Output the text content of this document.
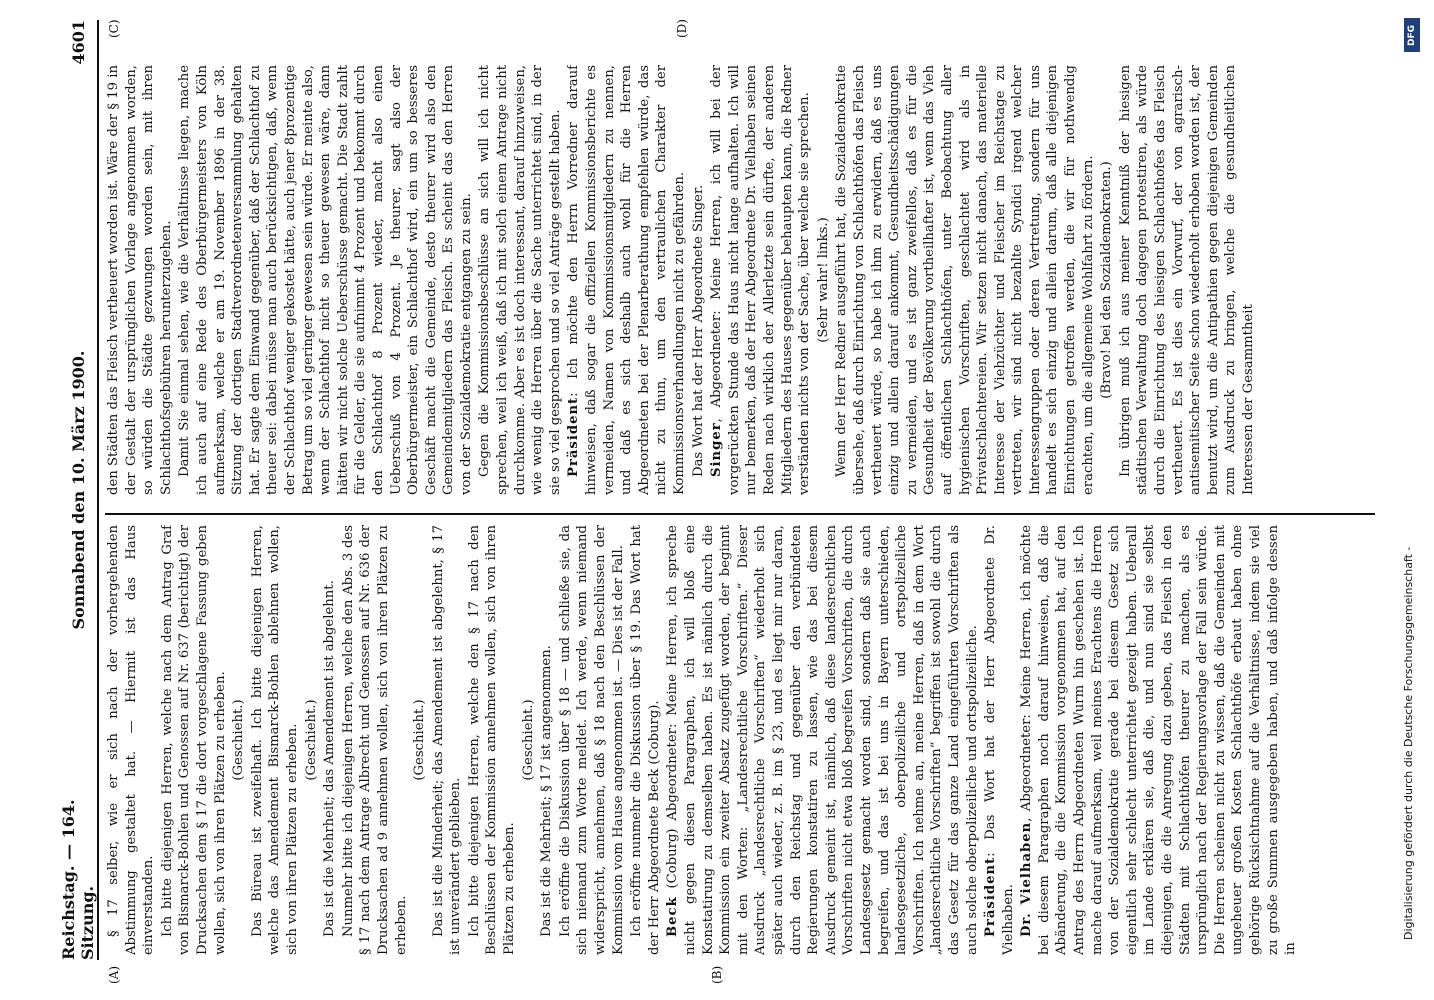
Reichstag. — 164. Sitzung.
Sonnabend den 10. März 1900.
4601
(A)	(B)
(C)	(D)

§ 17 selber, wie er sich nach der vorhergehenden Abstimmung gestaltet hat. — Hiermit ist das Haus einverstanden. Ich bitte diejenigen Herren, welche nach dem Antrag Graf von Bismarck-Bohlen und Genossen auf Nr. 637 (berichtigt) der Drucksachen dem § 17 die dort vorgeschlagene Fassung geben wollen, sich von ihren Plätzen zu erheben. (Geschieht.) Das Büreau ist zweifelhaft. Ich bitte diejenigen Herren, welche das Amendement Bismarck-Bohlen ablehnen wollen, sich von ihren Plätzen zu erheben. (Geschieht.) Das ist die Mehrheit; das Amendement ist abgelehnt. Nunmehr bitte ich diejenigen Herren, welche den Abs. 3 des § 17 nach dem Antrage Albrecht und Genossen auf Nr. 636 der Drucksachen ad 9 annehmen wollen, sich von ihren Plätzen zu erheben.

(Geschieht.) Das ist die Minderheit; das Amendement ist abgelehnt, § 17 ist unverändert geblieben. Ich bitte diejenigen Herren, welche den § 17 nach den Beschlüssen der Kommission annehmen wollen, sich von ihren Plätzen zu erheben.

(Geschieht.) Das ist die Mehrheit; § 17 ist angenommen. Ich eröffne die Diskussion über § 18 — und schließe sie, da sich niemand zum Worte meldet. Ich werde, wenn niemand widerspricht, annehmen, daß § 18 nach den Beschlüssen der Kommission vom Hause angenommen ist. — Dies ist der Fall. Ich eröffne nunmehr die Diskussion über § 19. Das Wort hat der Herr Abgeordnete Beck (Coburg). Beck (Coburg) Abgeordneter: Meine Herren, ich spreche nicht gegen diesen Paragraphen, ich will bloß eine Konstatirung zu demselben haben. Es ist nämlich durch die Kommission ein zweiter Absatz zugefügt worden, der beginnt mit den Worten: „Landesrechtliche Vorschriften.“ Dieser Ausdruck „landesrechtliche Vorschriften“ wiederholt sich später auch wieder, z. B. im § 23, und es liegt mir nur daran, durch den Reichstag und gegenüber den verbündeten Regierungen konstatiren zu lassen, wie das bei diesem Ausdruck gemeint ist, nämlich, daß diese landesrechtlichen Vorschriften nicht etwa bloß begreifen Vorschriften, die durch Landesgesetz gemacht worden sind, sondern daß sie auch begreifen, und das ist bei uns in Bayern unterschieden, landesgesetzliche, oberpolizeiliche und ortspolizeiliche Vorschriften. Ich nehme an, meine Herren, daß in dem Wort „landesrechtliche Vorschriften“ begriffen ist sowohl die durch das Gesetz für das ganze Land eingeführten Vorschriften als auch solche oberpolizeiliche und ortspolizeiliche. Präsident: Das Wort hat der Herr Abgeordnete Dr. Vielhaben. Dr. Vielhaben, Abgeordneter: Meine Herren, ich möchte bei diesem Paragraphen noch darauf hinweisen, daß die Abänderung, die die Kommission vorgenommen hat, auf den Antrag des Herrn Abgeordneten Wurm hin geschehen ist. Ich mache darauf aufmerksam, weil meines Erachtens die Herren von der Sozialdemokratie gerade bei diesem Gesetz sich eigentlich sehr schlecht unterrichtet gezeigt haben. Ueberall im Lande erklären sie, daß die, und nun sind sie selbst diejenigen, die die Anregung dazu geben, das Fleisch in den Städten mit Schlachthöfen theurer zu machen, als es ursprünglich nach der Regierungsvorlage der Fall sein würde. Die Herren scheinen nicht zu wissen, daß die Gemeinden mit ungeheuer großen Kosten Schlachthöfe erbaut haben ohne gehörige Rücksichtnahme auf die Verhältnisse, indem sie viel zu große Summen ausgegeben haben, und daß infolge dessen in

den Städten das Fleisch vertheuert worden ist. Wäre der § 19 in der Gestalt der ursprünglichen Vorlage angenommen worden, so würden die Städte gezwungen worden sein, mit ihren Schlachthofsgebühren herunterzugehen. Damit Sie einmal sehen, wie die Verhältnisse liegen, mache ich auch auf eine Rede des Oberbürgermeisters von Köln aufmerksam, welche er am 19. November 1896 in der 38. Sitzung der dortigen Stadtverordnetenversammlung gehalten hat. Er sagte dem Einwand gegenüber, daß der Schlachthof zu theuer sei: dabei müsse man auch berücksichtigen, daß, wenn der Schlachthof weniger gekostet hätte, auch jener 8prozentige Betrag um so viel geringer gewesen sein würde. Er meinte also, wenn der Schlachthof nicht so theuer gewesen wäre, dann hätten wir nicht solche Ueberschüsse gemacht. Die Stadt zahlt für die Gelder, die sie aufnimmt 4 Prozent und bekommt durch den Schlachthof 8 Prozent wieder, macht also einen Ueberschuß von 4 Prozent. Je theurer, sagt also der Oberbürgermeister, ein Schlachthof wird, ein um so besseres Geschäft macht die Gemeinde, desto theurer wird also den Gemeindemitgliedern das Fleisch. Es scheint das den Herren von der Sozialdemokratie entgangen zu sein. Gegen die Kommissionsbeschlüsse an sich will ich nicht sprechen, weil ich weiß, daß ich mit solch einem Antrage nicht durchkomme. Aber es ist doch interessant, darauf hinzuweisen, wie wenig die Herren über die Sache unterrichtet sind, in der sie so viel gesprochen und so viel Anträge gestellt haben. Präsident: Ich möchte den Herrn Vorredner darauf hinweisen, daß sogar die offiziellen Kommissionsberichte es vermeiden, Namen von Kommissionsmitgliedern zu nennen, und daß es sich deshalb auch wohl für die Herren Abgeordneten bei der Plenarberathung empfehlen würde, das nicht zu thun, um den vertraulichen Charakter der Kommissionsverhandlungen nicht zu gefährden. Das Wort hat der Herr Abgeordnete Singer. Singer, Abgeordneter: Meine Herren, ich will bei der vorgerückten Stunde das Haus nicht lange aufhalten. Ich will nur bemerken, daß der Herr Abgeordnete Dr. Vielhaben seinen Reden nach wirklich der Allerletzte sein dürfte, der anderen Mitgliedern des Hauses gegenüber behaupten kann, die Redner verständen nichts von der Sache, über welche sie sprechen. (Sehr wahr! links.) Wenn der Herr Redner ausgeführt hat, die Sozialdemokratie übersehe, daß durch Einrichtung von Schlachthöfen das Fleisch vertheuert würde, so habe ich ihm zu erwidern, daß es uns einzig und allein darauf ankommt, Gesundheitsschädigungen zu vermeiden, und es ist ganz zweifellos, daß es für die Gesundheit der Bevölkerung vortheilhafter ist, wenn das Vieh auf öffentlichen Schlachthöfen, unter Beobachtung aller hygienischen Vorschriften, geschlachtet wird als in Privatschlachtereien. Wir setzen nicht danach, das materielle Interesse der Viehzüchter und Fleischer im Reichstage zu vertreten, wir sind nicht bezahlte Syndici irgend welcher Interessengruppen oder deren Vertretung, sondern für uns handelt es sich einzig und allein darum, daß alle diejenigen Einrichtungen getroffen werden, die wir für nothwendig erachten, um die allgemeine Wohlfahrt zu fördern. (Bravo! bei den Sozialdemokraten.) Im übrigen muß ich aus meiner Kenntniß der hiesigen städtischen Verwaltung doch dagegen protestiren, als würde durch die Einrichtung des hiesigen Schlachthofes das Fleisch vertheuert. Es ist dies ein Vorwurf, der von agrarisch-antisemitischer Seite schon wiederholt erhoben worden ist, der benutzt wird, um die Antipathien gegen diejenigen Gemeinden zum Ausdruck zu bringen, welche die gesundheitlichen Interessen der Gesammtheit

DFG
Digitalisierung gefördert durch die Deutsche Forschungsgemeinschaft -
